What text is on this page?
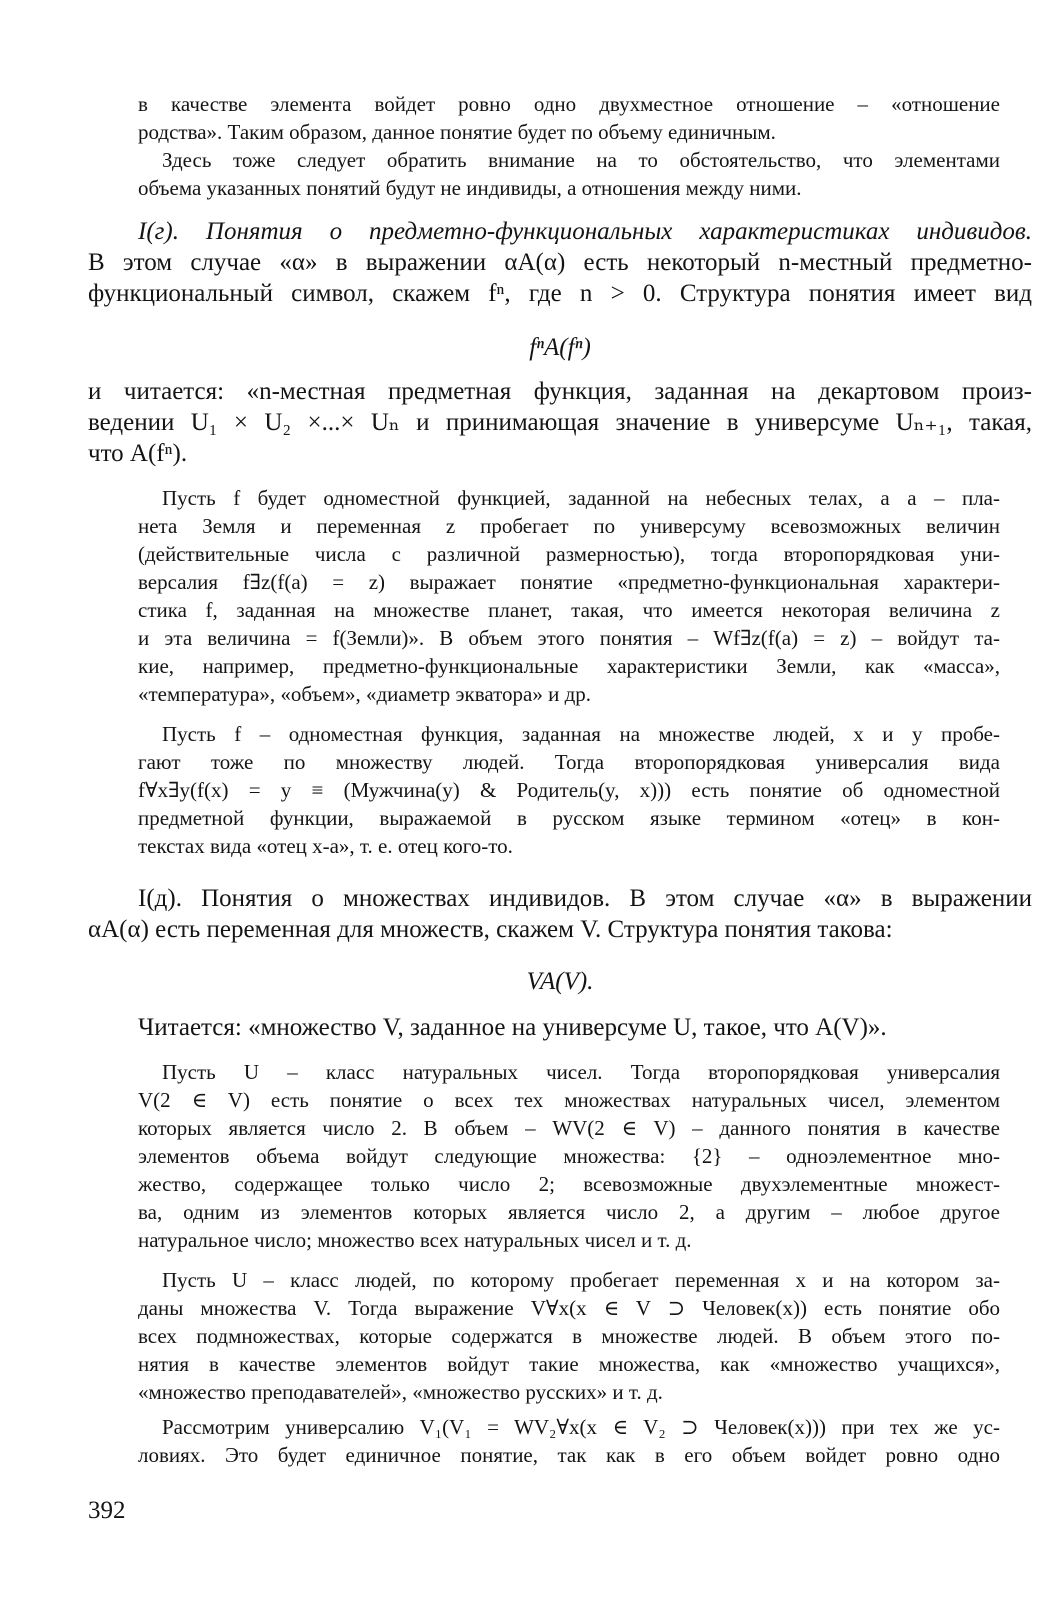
в качестве элемента войдет ровно одно двухместное отношение – «отношение
родства». Таким образом, данное понятие будет по объему единичным.
Здесь тоже следует обратить внимание на то обстоятельство, что элементами
объема указанных понятий будут не индивиды, а отношения между ними.
I(г). Понятия о предметно-функциональных характеристиках индивидов.
В этом случае «α» в выражении αA(α) есть некоторый n-местный предметно-
функциональный символ, скажем fⁿ, где n > 0. Структура понятия имеет вид
fⁿA(fⁿ)
и читается: «n-местная предметная функция, заданная на декартовом произ-
ведении U₁ × U₂ ×...× Uₙ и принимающая значение в универсуме Uₙ₊₁, такая,
что A(fⁿ).
Пусть f будет одноместной функцией, заданной на небесных телах, а a – пла-
нета Земля и переменная z пробегает по универсуму всевозможных величин
(действительные числа с различной размерностью), тогда второпорядковая уни-
версалия f∃z(f(a) = z) выражает понятие «предметно-функциональная характери-
стика f, заданная на множестве планет, такая, что имеется некоторая величина z
и эта величина = f(Земли)». В объем этого понятия – Wf∃z(f(a) = z) – войдут та-
кие, например, предметно-функциональные характеристики Земли, как «масса»,
«температура», «объем», «диаметр экватора» и др.
Пусть f – одноместная функция, заданная на множестве людей, x и y пробе-
гают тоже по множеству людей. Тогда второпорядковая универсалия вида
f∀x∃y(f(x) = y ≡ (Мужчина(y) & Родитель(y, x))) есть понятие об одноместной
предметной функции, выражаемой в русском языке термином «отец» в кон-
текстах вида «отец x-а», т. е. отец кого-то.
I(д). Понятия о множествах индивидов. В этом случае «α» в выражении
αA(α) есть переменная для множеств, скажем V. Структура понятия такова:
VA(V).
Читается: «множество V, заданное на универсуме U, такое, что A(V)».
Пусть U – класс натуральных чисел. Тогда второпорядковая универсалия
V(2 ∈ V) есть понятие о всех тех множествах натуральных чисел, элементом
которых является число 2. В объем – WV(2 ∈ V) – данного понятия в качестве
элементов объема войдут следующие множества: {2} – одноэлементное мно-
жество, содержащее только число 2; всевозможные двухэлементные множест-
ва, одним из элементов которых является число 2, а другим – любое другое
натуральное число; множество всех натуральных чисел и т. д.
Пусть U – класс людей, по которому пробегает переменная x и на котором за-
даны множества V. Тогда выражение V∀x(x ∈ V ⊃ Человек(x)) есть понятие обо
всех подмножествах, которые содержатся в множестве людей. В объем этого по-
нятия в качестве элементов войдут такие множества, как «множество учащихся»,
«множество преподавателей», «множество русских» и т. д.
Рассмотрим универсалию V₁(V₁ = WV₂∀x(x ∈ V₂ ⊃ Человек(x))) при тех же ус-
ловиях. Это будет единичное понятие, так как в его объем войдет ровно одно
392
